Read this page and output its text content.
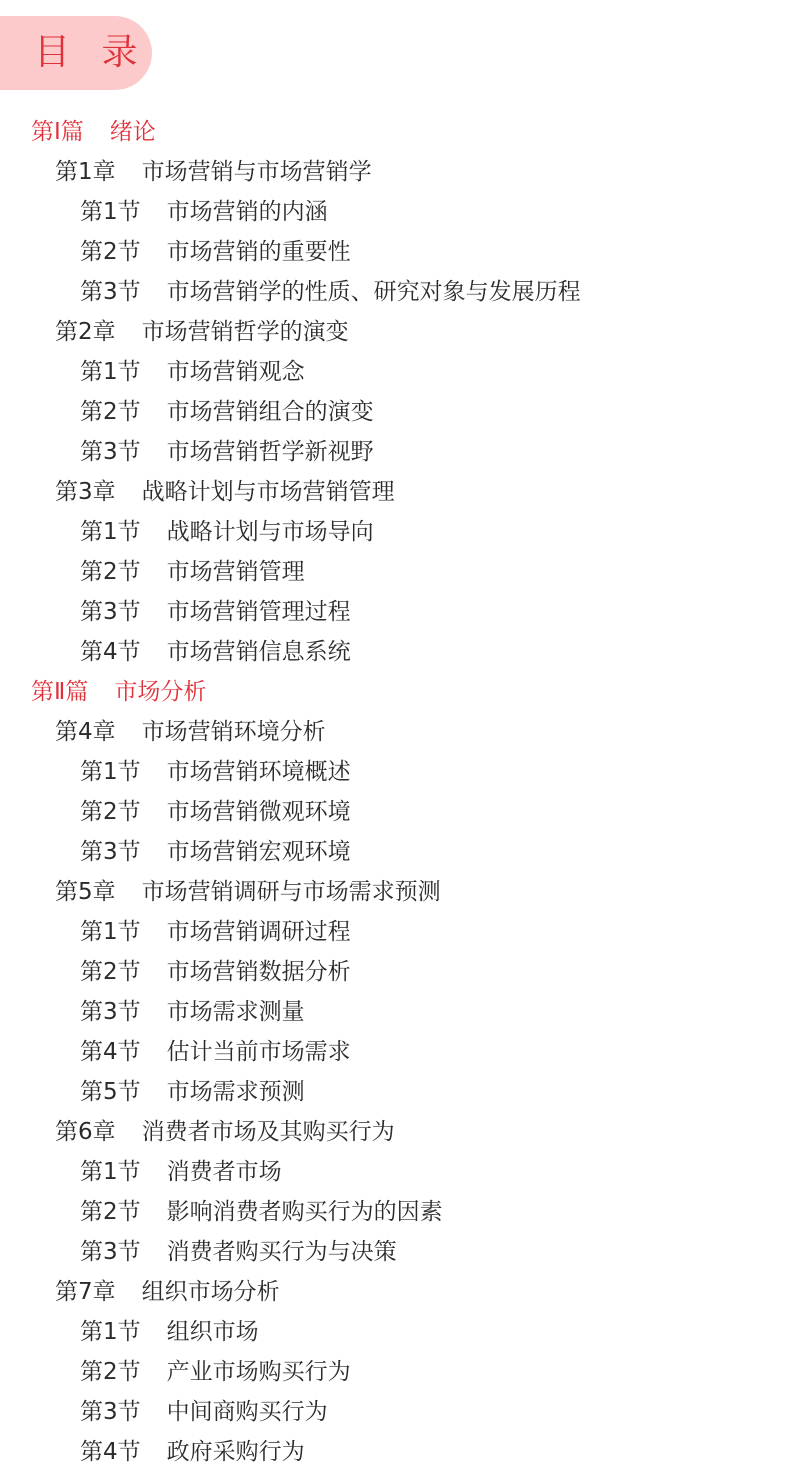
目 录
第Ⅰ篇 绪论
第1章 市场营销与市场营销学
第1节 市场营销的内涵
第2节 市场营销的重要性
第3节 市场营销学的性质、研究对象与发展历程
第2章 市场营销哲学的演变
第1节 市场营销观念
第2节 市场营销组合的演变
第3节 市场营销哲学新视野
第3章 战略计划与市场营销管理
第1节 战略计划与市场导向
第2节 市场营销管理
第3节 市场营销管理过程
第4节 市场营销信息系统
第Ⅱ篇 市场分析
第4章 市场营销环境分析
第1节 市场营销环境概述
第2节 市场营销微观环境
第3节 市场营销宏观环境
第5章 市场营销调研与市场需求预测
第1节 市场营销调研过程
第2节 市场营销数据分析
第3节 市场需求测量
第4节 估计当前市场需求
第5节 市场需求预测
第6章 消费者市场及其购买行为
第1节 消费者市场
第2节 影响消费者购买行为的因素
第3节 消费者购买行为与决策
第7章 组织市场分析
第1节 组织市场
第2节 产业市场购买行为
第3节 中间商购买行为
第4节 政府采购行为
